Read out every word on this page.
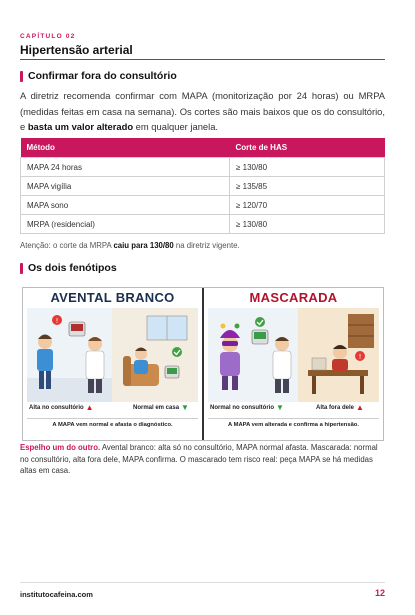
CAPÍTULO 02
Hipertensão arterial
Confirmar fora do consultório
A diretriz recomenda confirmar com MAPA (monitorização por 24 horas) ou MRPA (medidas feitas em casa na semana). Os cortes são mais baixos que os do consultório, e basta um valor alterado em qualquer janela.
Método	Corte de HAS
MAPA 24 horas	≥ 130/80
MAPA vigília	≥ 135/85
MAPA sono	≥ 120/70
MRPA (residencial)	≥ 130/80
Atenção: o corte da MRPA caiu para 130/80 na diretriz vigente.
Os dois fenótipos
AVENTAL BRANCO
!
Alta no consultório ▲	Normal em casa ▼
A MAPA vem normal e afasta o diagnóstico.
MASCARADA
!
Normal no consultório ▼	Alta fora dele ▲
A MAPA vem alterada e confirma a hipertensão.
Espelho um do outro. Avental branco: alta só no consultório, MAPA normal afasta. Mascarada: normal no consultório, alta fora dele, MAPA confirma. O mascarado tem risco real: peça MAPA se há medidas altas em casa.
institutocafeina.com	12
